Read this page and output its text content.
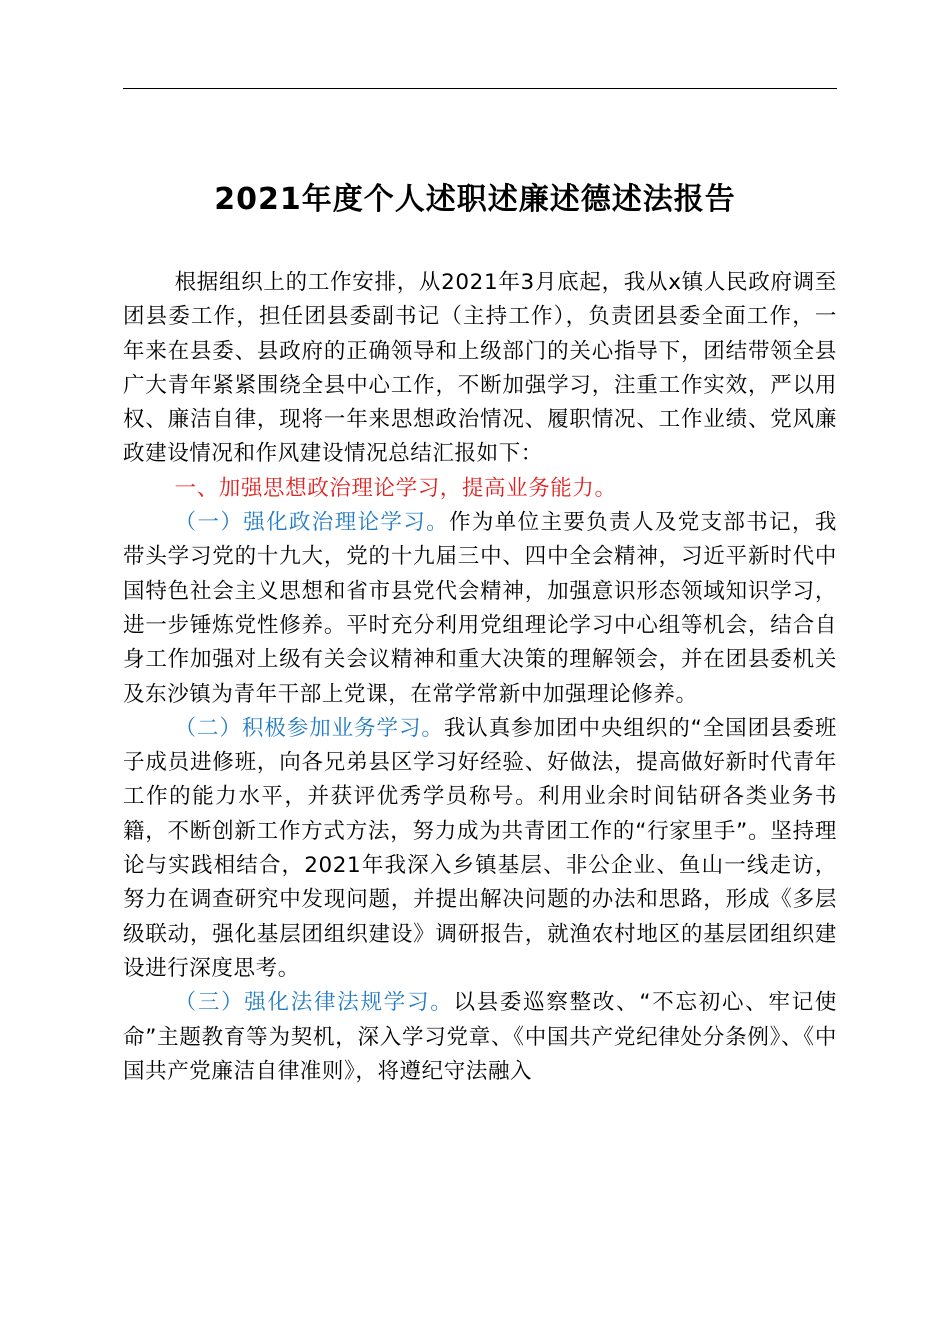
2021年度个人述职述廉述德述法报告

根据组织上的工作安排，从2021年3月底起，我从x镇人民政府调至团县委工作，担任团县委副书记（主持工作），负责团县委全面工作，一年来在县委、县政府的正确领导和上级部门的关心指导下，团结带领全县广大青年紧紧围绕全县中心工作，不断加强学习，注重工作实效，严以用权、廉洁自律，现将一年来思想政治情况、履职情况、工作业绩、党风廉政建设情况和作风建设情况总结汇报如下：

一、加强思想政治理论学习，提高业务能力。

（一）强化政治理论学习。作为单位主要负责人及党支部书记，我带头学习党的十九大，党的十九届三中、四中全会精神，习近平新时代中国特色社会主义思想和省市县党代会精神，加强意识形态领域知识学习，进一步锤炼党性修养。平时充分利用党组理论学习中心组等机会，结合自身工作加强对上级有关会议精神和重大决策的理解领会，并在团县委机关及东沙镇为青年干部上党课，在常学常新中加强理论修养。

（二）积极参加业务学习。我认真参加团中央组织的“全国团县委班子成员进修班，向各兄弟县区学习好经验、好做法，提高做好新时代青年工作的能力水平，并获评优秀学员称号。利用业余时间钻研各类业务书籍，不断创新工作方式方法，努力成为共青团工作的“行家里手”。坚持理论与实践相结合，2021年我深入乡镇基层、非公企业、鱼山一线走访，努力在调查研究中发现问题，并提出解决问题的办法和思路，形成《多层级联动，强化基层团组织建设》调研报告，就渔农村地区的基层团组织建设进行深度思考。

（三）强化法律法规学习。以县委巡察整改、“不忘初心、牢记使命”主题教育等为契机，深入学习党章、《中国共产党纪律处分条例》、《中国共产党廉洁自律准则》，将遵纪守法融入
